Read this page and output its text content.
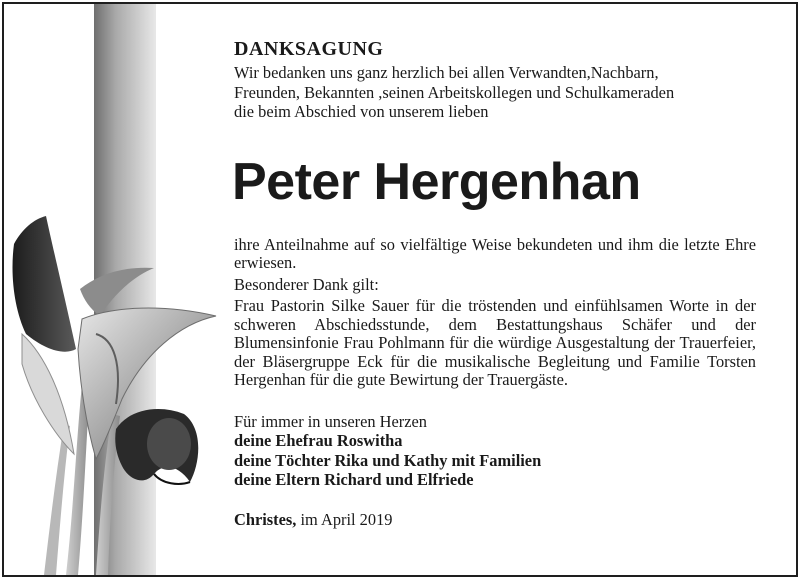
DANKSAGUNG

Wir bedanken uns ganz herzlich bei allen Verwandten,Nachbarn,

Freunden, Bekannten ,seinen Arbeitskollegen und Schulkameraden

die beim Abschied von unserem lieben

Peter Hergenhan

ihre Anteilnahme auf so vielfältige Weise bekundeten und ihm die letzte Ehre erwiesen.

Besonderer Dank gilt:

Frau Pastorin Silke Sauer für die tröstenden und einfühlsamen Worte in der schweren Abschiedsstunde, dem Bestattungshaus Schäfer und der Blumensinfonie Frau Pohlmann für die würdige Ausgestaltung der Trauerfeier, der Bläsergruppe Eck für die musikalische Begleitung und Familie Torsten Hergenhan für die gute Bewirtung der Trauergäste.

Für immer in unseren Herzen

deine Ehefrau Roswitha

deine Töchter Rika und Kathy mit Familien

deine Eltern Richard und Elfriede

Christes, im April 2019
